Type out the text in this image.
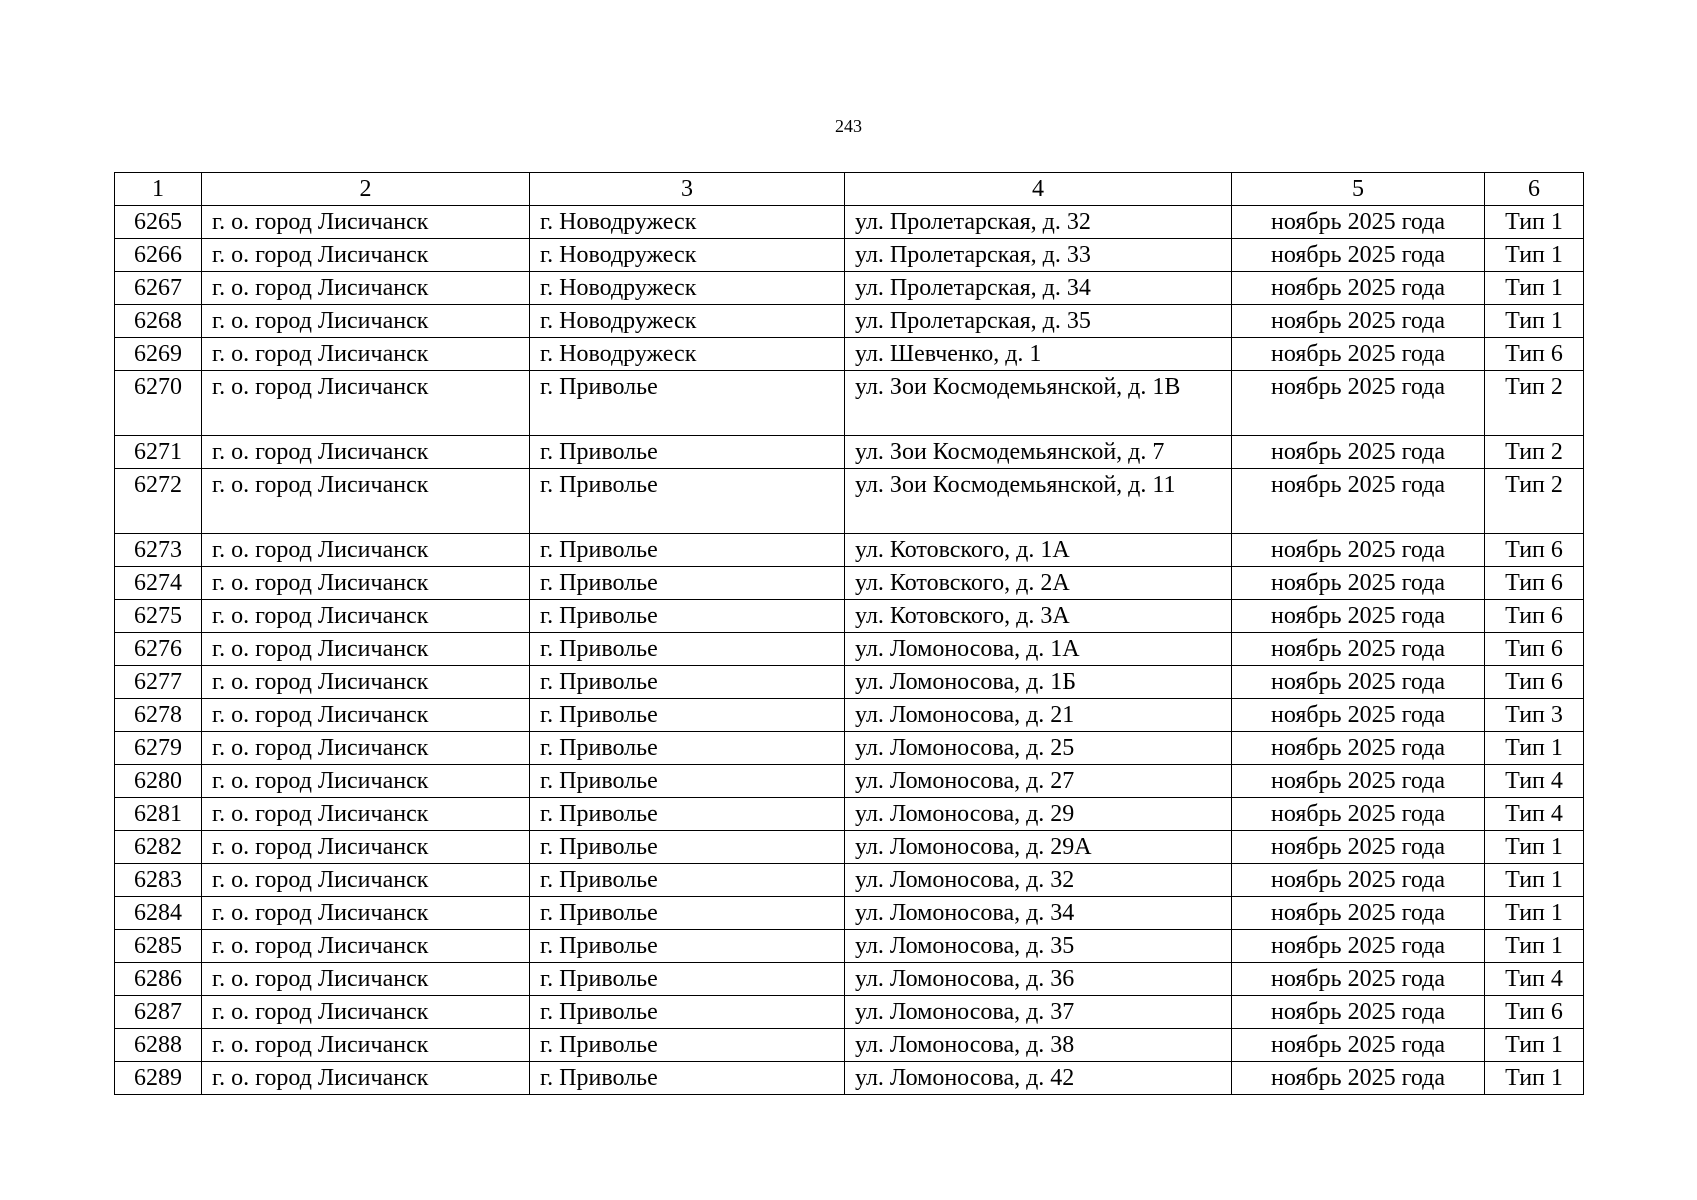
243
1	2	3	4	5	6
6265	г. о. город Лисичанск	г. Новодружеск	ул. Пролетарская, д. 32	ноябрь 2025 года	Тип 1
6266	г. о. город Лисичанск	г. Новодружеск	ул. Пролетарская, д. 33	ноябрь 2025 года	Тип 1
6267	г. о. город Лисичанск	г. Новодружеск	ул. Пролетарская, д. 34	ноябрь 2025 года	Тип 1
6268	г. о. город Лисичанск	г. Новодружеск	ул. Пролетарская, д. 35	ноябрь 2025 года	Тип 1
6269	г. о. город Лисичанск	г. Новодружеск	ул. Шевченко, д. 1	ноябрь 2025 года	Тип 6
6270	г. о. город Лисичанск	г. Приволье	ул. Зои Космодемьянской, д. 1В	ноябрь 2025 года	Тип 2
6271	г. о. город Лисичанск	г. Приволье	ул. Зои Космодемьянской, д. 7	ноябрь 2025 года	Тип 2
6272	г. о. город Лисичанск	г. Приволье	ул. Зои Космодемьянской, д. 11	ноябрь 2025 года	Тип 2
6273	г. о. город Лисичанск	г. Приволье	ул. Котовского, д. 1А	ноябрь 2025 года	Тип 6
6274	г. о. город Лисичанск	г. Приволье	ул. Котовского, д. 2А	ноябрь 2025 года	Тип 6
6275	г. о. город Лисичанск	г. Приволье	ул. Котовского, д. 3А	ноябрь 2025 года	Тип 6
6276	г. о. город Лисичанск	г. Приволье	ул. Ломоносова, д. 1А	ноябрь 2025 года	Тип 6
6277	г. о. город Лисичанск	г. Приволье	ул. Ломоносова, д. 1Б	ноябрь 2025 года	Тип 6
6278	г. о. город Лисичанск	г. Приволье	ул. Ломоносова, д. 21	ноябрь 2025 года	Тип 3
6279	г. о. город Лисичанск	г. Приволье	ул. Ломоносова, д. 25	ноябрь 2025 года	Тип 1
6280	г. о. город Лисичанск	г. Приволье	ул. Ломоносова, д. 27	ноябрь 2025 года	Тип 4
6281	г. о. город Лисичанск	г. Приволье	ул. Ломоносова, д. 29	ноябрь 2025 года	Тип 4
6282	г. о. город Лисичанск	г. Приволье	ул. Ломоносова, д. 29А	ноябрь 2025 года	Тип 1
6283	г. о. город Лисичанск	г. Приволье	ул. Ломоносова, д. 32	ноябрь 2025 года	Тип 1
6284	г. о. город Лисичанск	г. Приволье	ул. Ломоносова, д. 34	ноябрь 2025 года	Тип 1
6285	г. о. город Лисичанск	г. Приволье	ул. Ломоносова, д. 35	ноябрь 2025 года	Тип 1
6286	г. о. город Лисичанск	г. Приволье	ул. Ломоносова, д. 36	ноябрь 2025 года	Тип 4
6287	г. о. город Лисичанск	г. Приволье	ул. Ломоносова, д. 37	ноябрь 2025 года	Тип 6
6288	г. о. город Лисичанск	г. Приволье	ул. Ломоносова, д. 38	ноябрь 2025 года	Тип 1
6289	г. о. город Лисичанск	г. Приволье	ул. Ломоносова, д. 42	ноябрь 2025 года	Тип 1
